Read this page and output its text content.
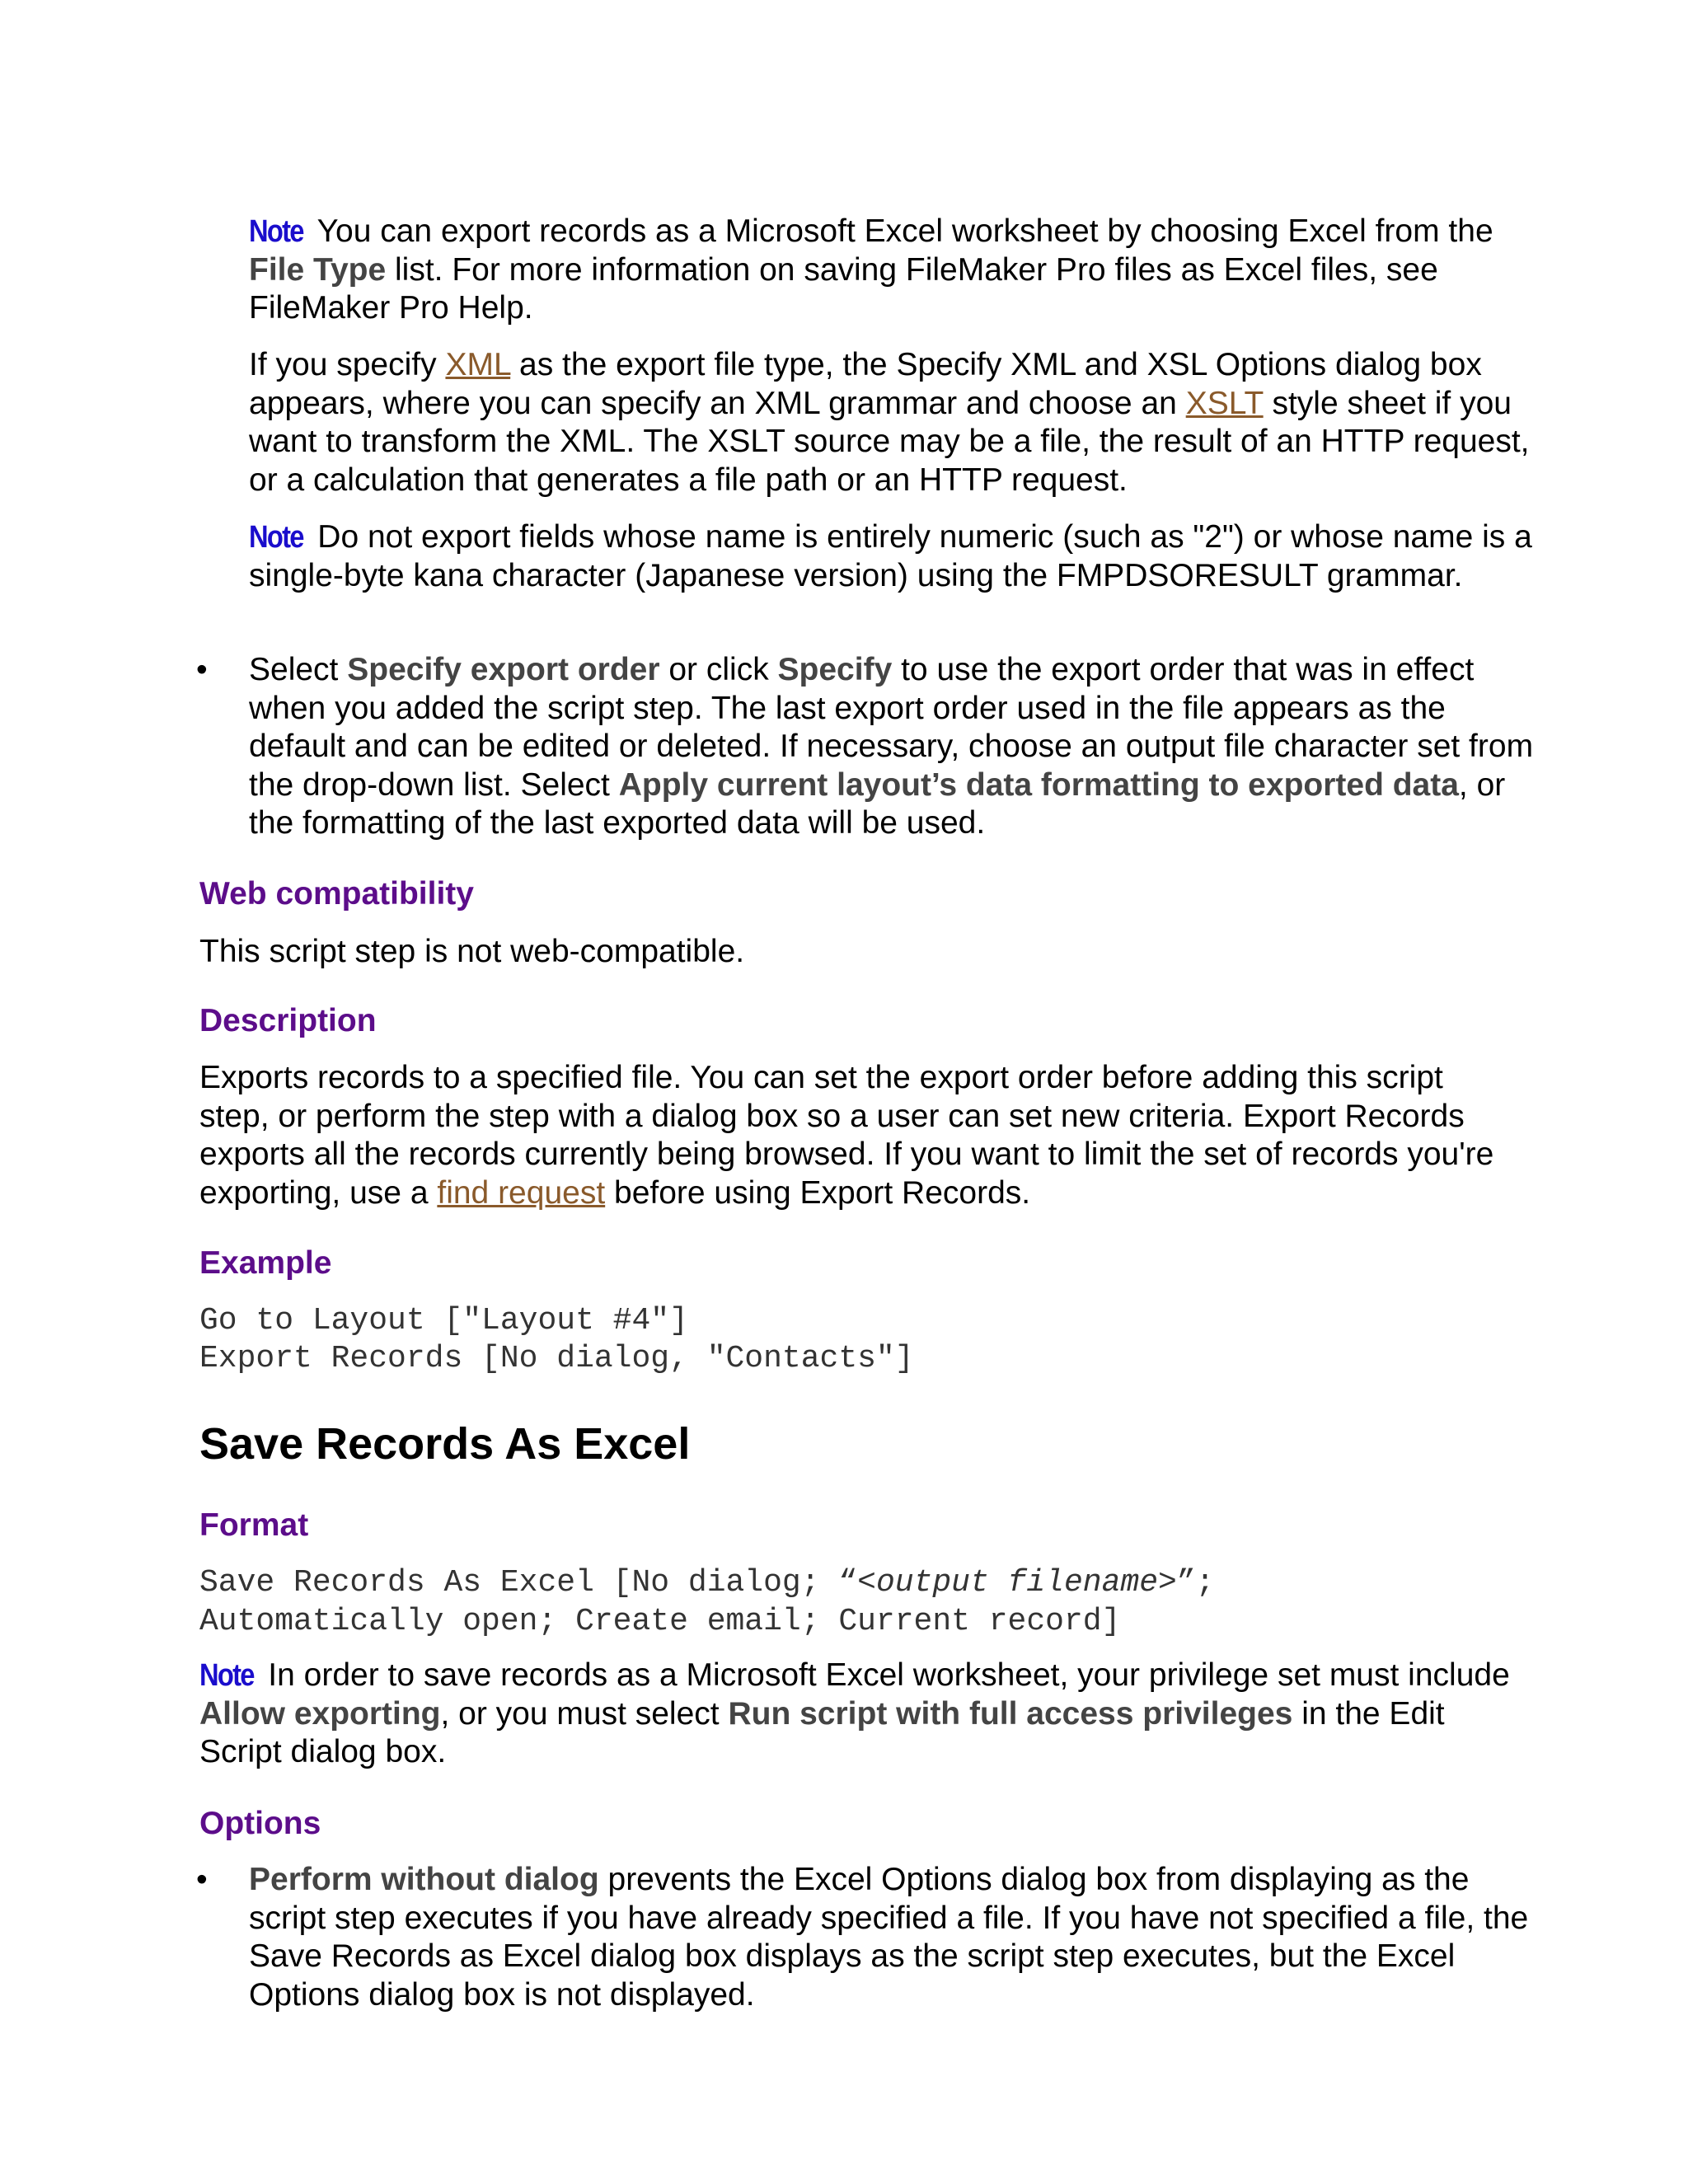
Note You can export records as a Microsoft Excel worksheet by choosing Excel from the File Type list. For more information on saving FileMaker Pro files as Excel files, see FileMaker Pro Help.

If you specify XML as the export file type, the Specify XML and XSL Options dialog box appears, where you can specify an XML grammar and choose an XSLT style sheet if you want to transform the XML. The XSLT source may be a file, the result of an HTTP request, or a calculation that generates a file path or an HTTP request.

Note Do not export fields whose name is entirely numeric (such as "2") or whose name is a single-byte kana character (Japanese version) using the FMPDSORESULT grammar.

• Select Specify export order or click Specify to use the export order that was in effect when you added the script step. The last export order used in the file appears as the default and can be edited or deleted. If necessary, choose an output file character set from the drop-down list. Select Apply current layout’s data formatting to exported data, or the formatting of the last exported data will be used.

Web compatibility

This script step is not web-compatible.

Description

Exports records to a specified file. You can set the export order before adding this script step, or perform the step with a dialog box so a user can set new criteria. Export Records exports all the records currently being browsed. If you want to limit the set of records you're exporting, use a find request before using Export Records.

Example
Go to Layout ["Layout #4"]
Export Records [No dialog, "Contacts"]
Save Records As Excel
Format
Save Records As Excel [No dialog; “<output filename>”;
Automatically open; Create email; Current record]

Note In order to save records as a Microsoft Excel worksheet, your privilege set must include Allow exporting, or you must select Run script with full access privileges in the Edit Script dialog box.

Options
• Perform without dialog prevents the Excel Options dialog box from displaying as the script step executes if you have already specified a file. If you have not specified a file, the Save Records as Excel dialog box displays as the script step executes, but the Excel Options dialog box is not displayed.
